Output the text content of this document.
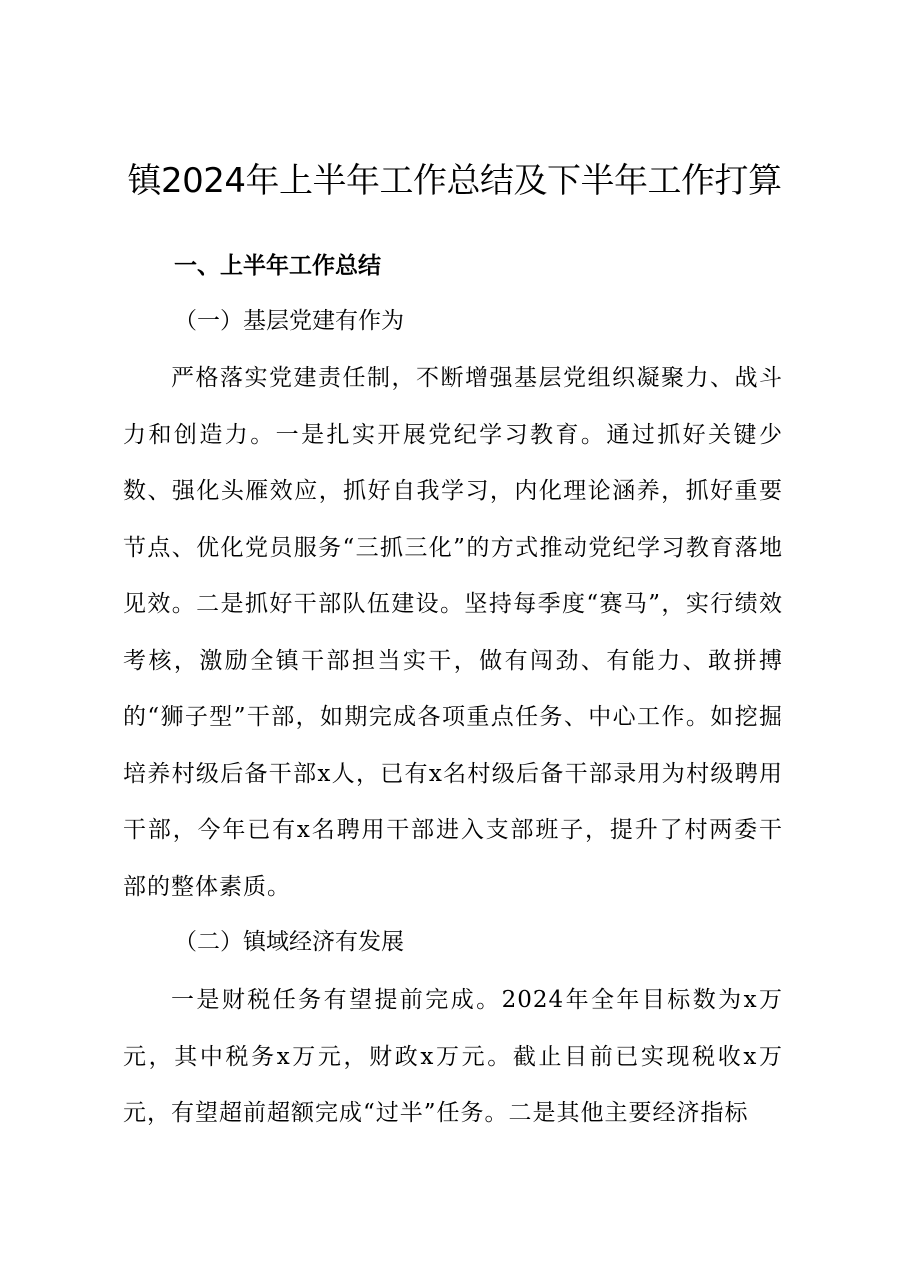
镇2024年上半年工作总结及下半年工作打算
一、上半年工作总结
（一）基层党建有作为

严格落实党建责任制，不断增强基层党组织凝聚力、战斗力和创造力。一是扎实开展党纪学习教育。通过抓好关键少数、强化头雁效应，抓好自我学习，内化理论涵养，抓好重要节点、优化党员服务“三抓三化”的方式推动党纪学习教育落地见效。二是抓好干部队伍建设。坚持每季度“赛马”，实行绩效考核，激励全镇干部担当实干，做有闯劲、有能力、敢拼搏的“狮子型”干部，如期完成各项重点任务、中心工作。如挖掘培养村级后备干部x人，已有x名村级后备干部录用为村级聘用干部，今年已有x名聘用干部进入支部班子，提升了村两委干部的整体素质。

（二）镇域经济有发展

一是财税任务有望提前完成。2024年全年目标数为x万元，其中税务x万元，财政x万元。截止目前已实现税收x万元，有望超前超额完成“过半”任务。二是其他主要经济指标
